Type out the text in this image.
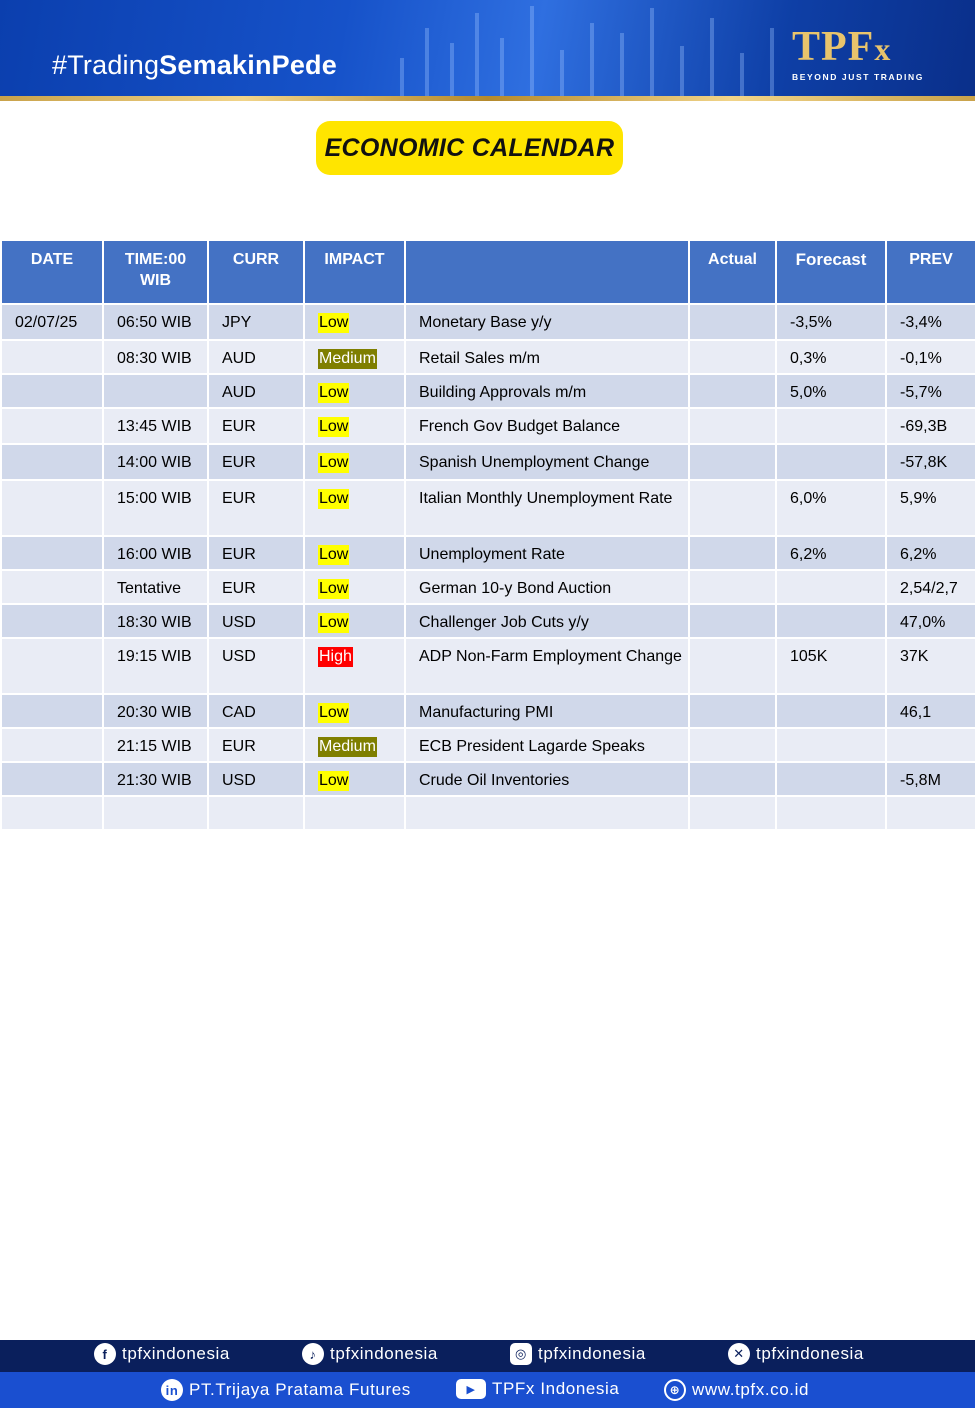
#TradingSemakinPede	TPFx
BEYOND JUST TRADING
ECONOMIC CALENDAR
DATE	TIME:00 WIB	CURR	IMPACT		Actual	Forecast	PREV
02/07/25	06:50 WIB	JPY	Low	Monetary Base y/y		-3,5%	-3,4%
	08:30 WIB	AUD	Medium	Retail Sales m/m		0,3%	-0,1%
		AUD	Low	Building Approvals m/m		5,0%	-5,7%
	13:45 WIB	EUR	Low	French Gov Budget Balance			-69,3B
	14:00 WIB	EUR	Low	Spanish Unemployment Change			-57,8K
	15:00 WIB	EUR	Low	Italian Monthly Unemployment Rate		6,0%	5,9%
	16:00 WIB	EUR	Low	Unemployment Rate		6,2%	6,2%
	Tentative	EUR	Low	German 10-y Bond Auction			2,54/2,7
	18:30 WIB	USD	Low	Challenger Job Cuts y/y			47,0%
	19:15 WIB	USD	High	ADP Non-Farm Employment Change		105K	37K
	20:30 WIB	CAD	Low	Manufacturing PMI			46,1
	21:15 WIB	EUR	Medium	ECB President Lagarde Speaks			
	21:30 WIB	USD	Low	Crude Oil Inventories			-5,8M

f tpfxindonesia	♪ tpfxindonesia	◎ tpfxindonesia	✕ tpfxindonesia
in PT.Trijaya Pratama Futures	▶ TPFx Indonesia	⊕ www.tpfx.co.id
